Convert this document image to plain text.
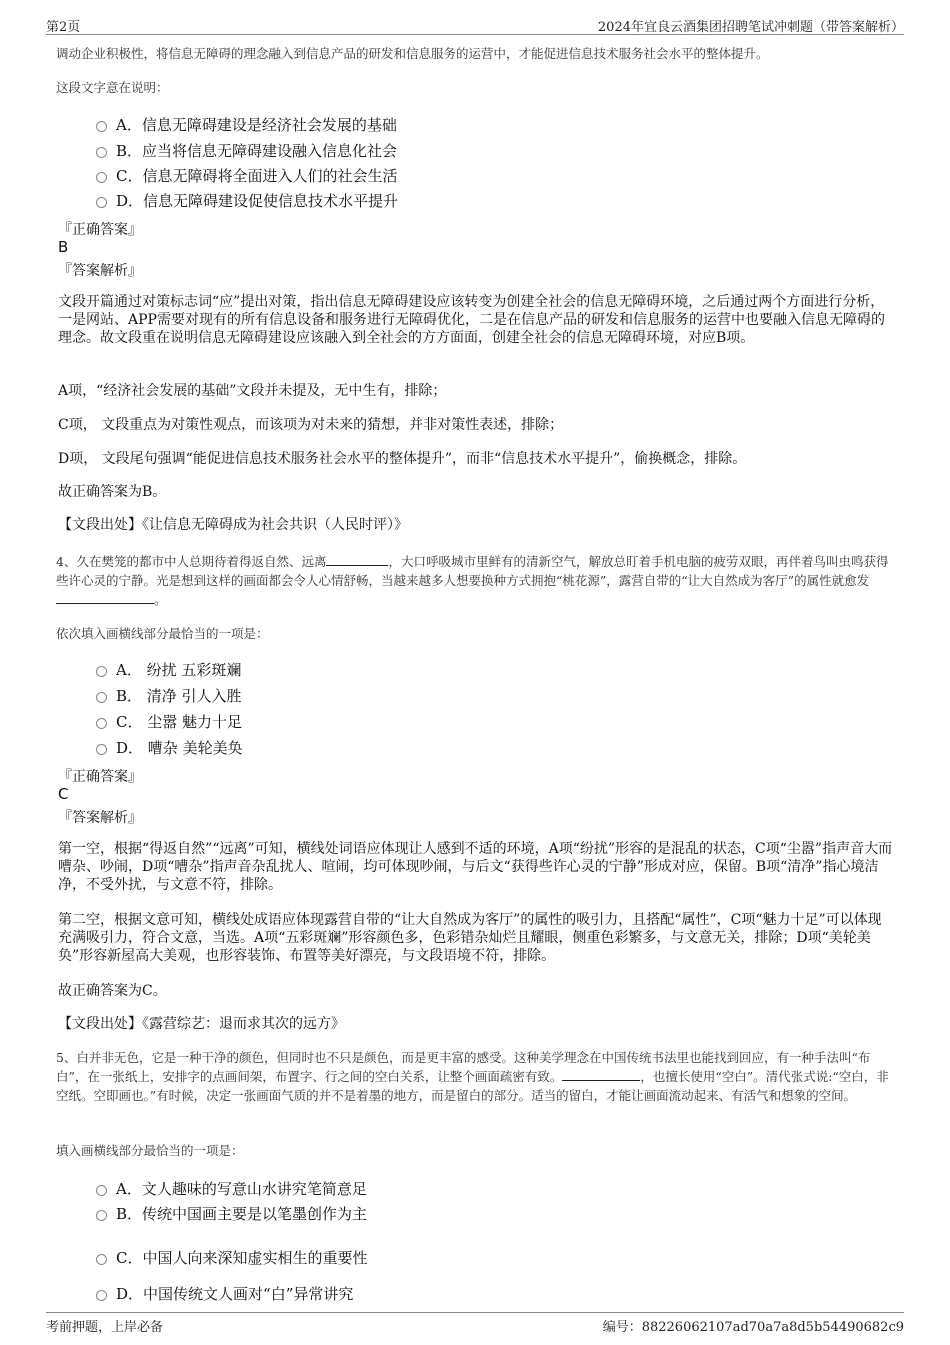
第2页	2024年宜良云酒集团招聘笔试冲刺题（带答案解析）
调动企业积极性，将信息无障碍的理念融入到信息产品的研发和信息服务的运营中，才能促进信息技术服务社会水平的整体提升。
这段文字意在说明：
A．信息无障碍建设是经济社会发展的基础
B．应当将信息无障碍建设融入信息化社会
C．信息无障碍将全面进入人们的社会生活
D．信息无障碍建设促使信息技术水平提升
『正确答案』
B
『答案解析』
文段开篇通过对策标志词“应”提出对策，指出信息无障碍建设应该转变为创建全社会的信息无障碍环境，之后通过两个方面进行分析，一是网站、APP需要对现有的所有信息设备和服务进行无障碍优化，二是在信息产品的研发和信息服务的运营中也要融入信息无障碍的理念。故文段重在说明信息无障碍建设应该融入到全社会的方方面面，创建全社会的信息无障碍环境，对应B项。
A项，“经济社会发展的基础”文段并未提及，无中生有，排除；
C项， 文段重点为对策性观点，而该项为对未来的猜想，并非对策性表述，排除；
D项， 文段尾句强调“能促进信息技术服务社会水平的整体提升”，而非“信息技术水平提升”，偷换概念，排除。
故正确答案为B。
【文段出处】《让信息无障碍成为社会共识（人民时评）》
4、久在樊笼的都市中人总期待着得返自然、远离	，大口呼吸城市里鲜有的清新空气，解放总盯着手机电脑的疲劳双眼，再伴着鸟叫虫鸣获得些许心灵的宁静。光是想到这样的画面都会令人心情舒畅，当越来越多人想要换种方式拥抱“桃花源”，露营自带的“让大自然成为客厅”的属性就愈发。
依次填入画横线部分最恰当的一项是：
A． 纷扰 五彩斑斓
B． 清净 引人入胜
C． 尘嚣 魅力十足
D． 嘈杂 美轮美奂
『正确答案』
C
『答案解析』
第一空，根据“得返自然”“远离”可知，横线处词语应体现让人感到不适的环境，A项“纷扰”形容的是混乱的状态，C项“尘嚣”指声音大而嘈杂、吵闹，D项“嘈杂”指声音杂乱扰人、喧闹，均可体现吵闹，与后文“获得些许心灵的宁静”形成对应，保留。B项“清净”指心境洁净，不受外扰，与文意不符，排除。
第二空，根据文意可知，横线处成语应体现露营自带的“让大自然成为客厅”的属性的吸引力，且搭配“属性”，C项“魅力十足”可以体现充满吸引力，符合文意，当选。A项“五彩斑斓”形容颜色多，色彩错杂灿烂且耀眼，侧重色彩繁多，与文意无关，排除；D项“美轮美奂”形容新屋高大美观，也形容装饰、布置等美好漂亮，与文段语境不符，排除。
故正确答案为C。
【文段出处】《露营综艺：退而求其次的远方》
5、白并非无色，它是一种干净的颜色，但同时也不只是颜色，而是更丰富的感受。这种美学理念在中国传统书法里也能找到回应，有一种手法叫“布白”，在一张纸上，安排字的点画间架，布置字、行之间的空白关系，让整个画面疏密有致。	，也擅长使用“空白”。清代张式说:“空白，非空纸。空即画也。”有时候，决定一张画面气质的并不是着墨的地方，而是留白的部分。适当的留白，才能让画面流动起来、有活气和想象的空间。
填入画横线部分最恰当的一项是：
A．文人趣味的写意山水讲究笔简意足
B．传统中国画主要是以笔墨创作为主
C．中国人向来深知虚实相生的重要性
D．中国传统文人画对“白”异常讲究
考前押题，上岸必备	编号：88226062107ad70a7a8d5b54490682c9
